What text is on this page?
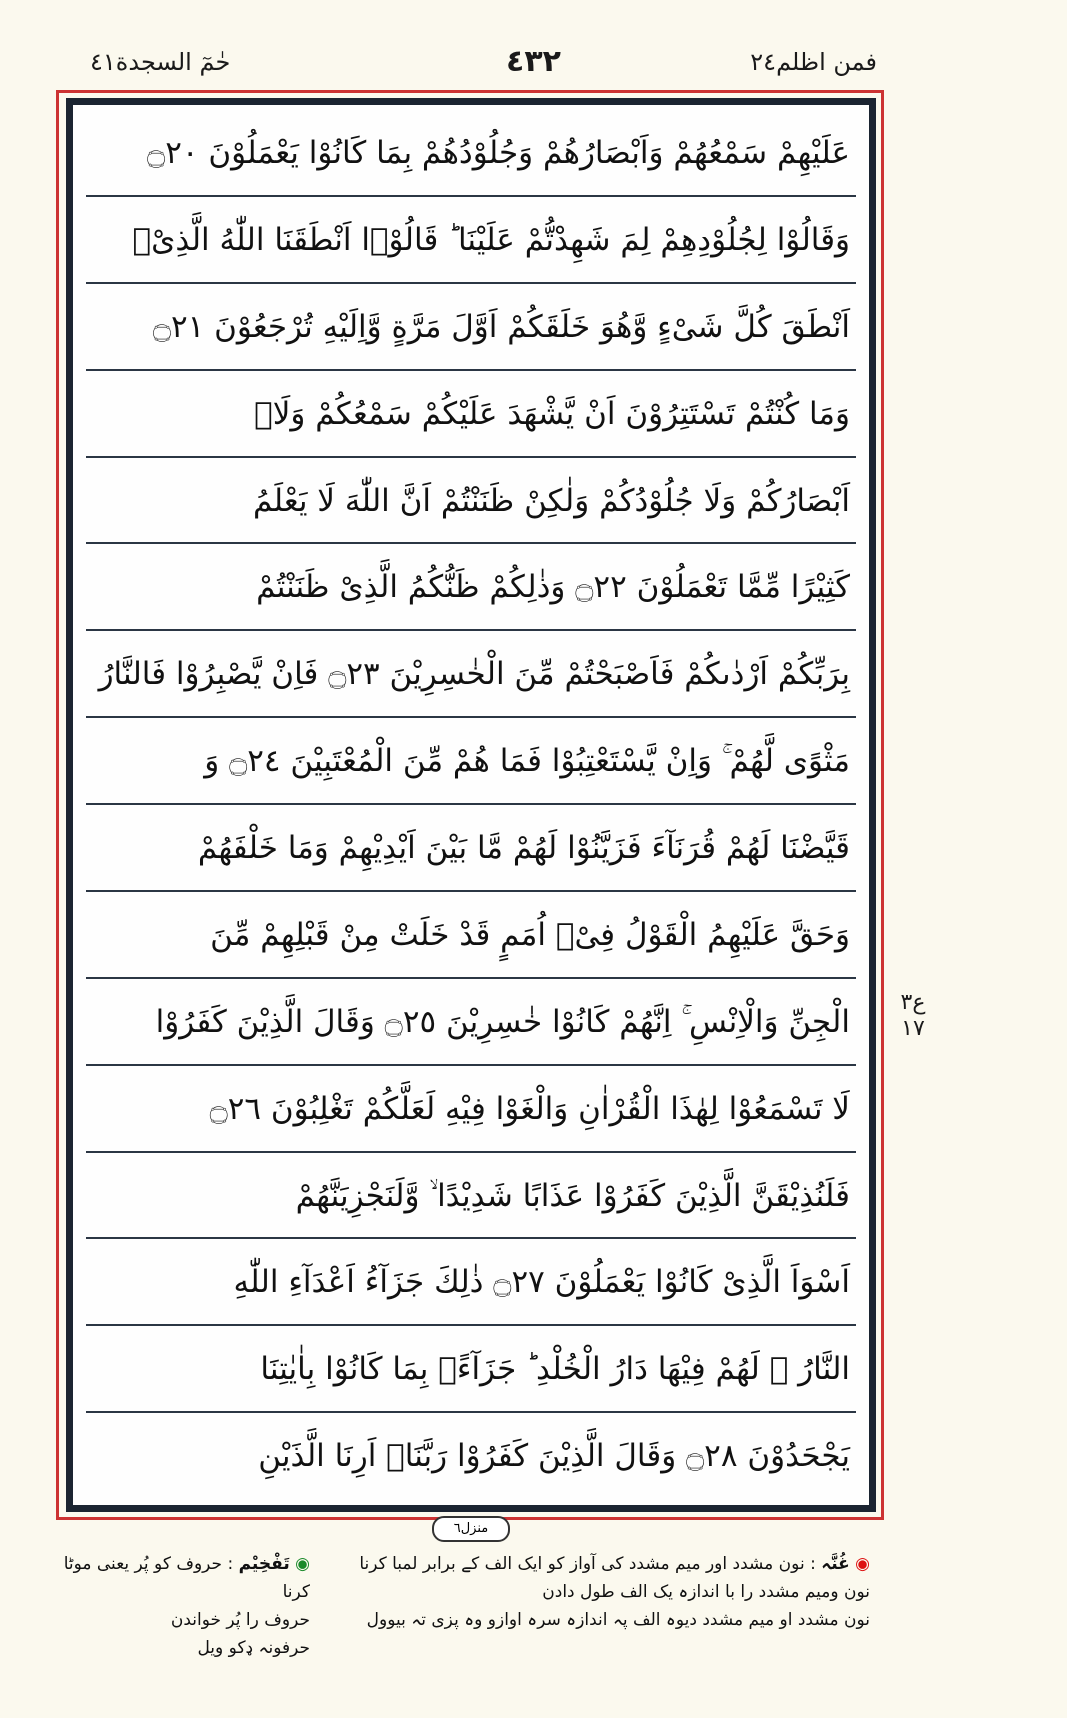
حٰمٓ السجدة٤١	٤٣٢	فمن اظلم٢٤
عَلَيْهِمْ سَمْعُهُمْ وَاَبْصَارُهُمْ وَجُلُوْدُهُمْ بِمَا كَانُوْا يَعْمَلُوْنَ ۝٢٠
وَقَالُوْا لِجُلُوْدِهِمْ لِمَ شَهِدْتُّمْ عَلَيْنَا ؕ قَالُوْۤا اَنْطَقَنَا اللّٰهُ الَّذِیْۤ
اَنْطَقَ كُلَّ شَیْءٍ وَّهُوَ خَلَقَكُمْ اَوَّلَ مَرَّةٍ وَّاِلَیْهِ تُرْجَعُوْنَ ۝٢١
وَمَا كُنْتُمْ تَسْتَتِرُوْنَ اَنْ یَّشْهَدَ عَلَیْكُمْ سَمْعُكُمْ وَلَاۤ
اَبْصَارُكُمْ وَلَا جُلُوْدُكُمْ وَلٰكِنْ ظَنَنْتُمْ اَنَّ اللّٰهَ لَا یَعْلَمُ
كَثِیْرًا مِّمَّا تَعْمَلُوْنَ ۝٢٢ وَذٰلِكُمْ ظَنُّكُمُ الَّذِیْ ظَنَنْتُمْ
بِرَبِّكُمْ اَرْدٰىكُمْ فَاَصْبَحْتُمْ مِّنَ الْخٰسِرِیْنَ ۝٢٣ فَاِنْ یَّصْبِرُوْا فَالنَّارُ
مَثْوًى لَّهُمْ ۚ وَاِنْ یَّسْتَعْتِبُوْا فَمَا هُمْ مِّنَ الْمُعْتَبِیْنَ ۝٢٤ وَ
قَیَّضْنَا لَهُمْ قُرَنَآءَ فَزَیَّنُوْا لَهُمْ مَّا بَیْنَ اَیْدِیْهِمْ وَمَا خَلْفَهُمْ
وَحَقَّ عَلَیْهِمُ الْقَوْلُ فِیْۤ اُمَمٍ قَدْ خَلَتْ مِنْ قَبْلِهِمْ مِّنَ
الْجِنِّ وَالْاِنْسِ ۚ اِنَّهُمْ كَانُوْا خٰسِرِیْنَ ۝٢٥ وَقَالَ الَّذِیْنَ كَفَرُوْا
لَا تَسْمَعُوْا لِهٰذَا الْقُرْاٰنِ وَالْغَوْا فِیْهِ لَعَلَّكُمْ تَغْلِبُوْنَ ۝٢٦
فَلَنُذِیْقَنَّ الَّذِیْنَ كَفَرُوْا عَذَابًا شَدِیْدًا ۙ وَّلَنَجْزِیَنَّهُمْ
اَسْوَاَ الَّذِیْ كَانُوْا یَعْمَلُوْنَ ۝٢٧ ذٰلِكَ جَزَآءُ اَعْدَآءِ اللّٰهِ
النَّارُ ۚ لَهُمْ فِیْهَا دَارُ الْخُلْدِ ؕ جَزَآءًۢ بِمَا كَانُوْا بِاٰیٰتِنَا
یَجْحَدُوْنَ ۝٢٨ وَقَالَ الَّذِیْنَ كَفَرُوْا رَبَّنَاۤ اَرِنَا الَّذَیْنِ
ع٣ ١٧
منزل٦
◉ غُنَّہ : نون مشدد اور میم مشدد کی آواز کو ایک الف کے برابر لمبا کرنا
نون ومیم مشدد را با اندازہ یک الف طول دادن
نون مشدد او میم مشدد دیوہ الف پہ اندازہ سرہ اوازو وہ پزی تہ بیوول
◉ تَفْخِیْم : حروف کو پُر یعنی موٹا کرنا
حروف را پُر خواندن
حرفونہ ډکو ویل
